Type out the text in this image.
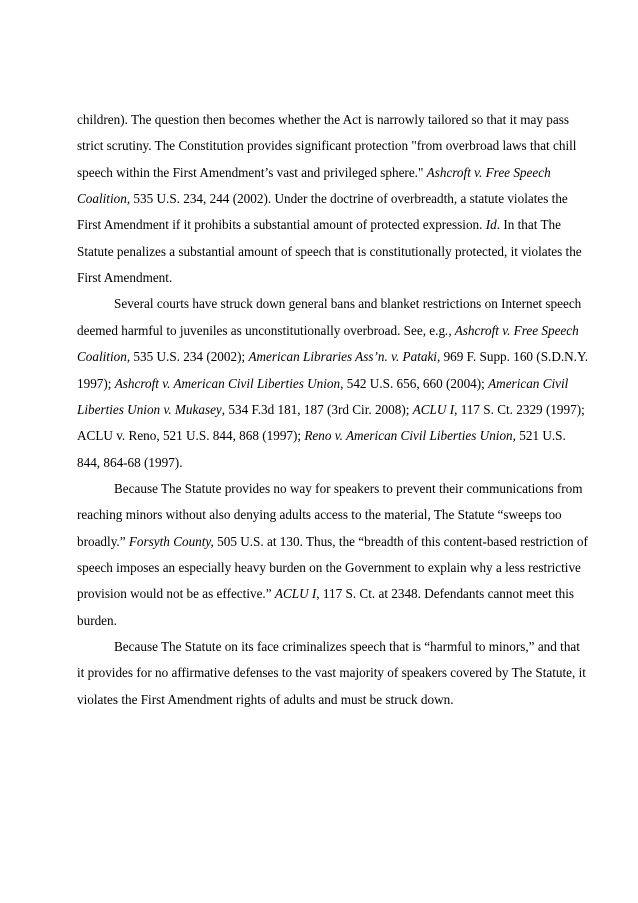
children). The question then becomes whether the Act is narrowly tailored so that it may pass
strict scrutiny. The Constitution provides significant protection "from overbroad laws that chill
speech within the First Amendment’s vast and privileged sphere." Ashcroft v. Free Speech
Coalition, 535 U.S. 234, 244 (2002). Under the doctrine of overbreadth, a statute violates the
First Amendment if it prohibits a substantial amount of protected expression. Id. In that The
Statute penalizes a substantial amount of speech that is constitutionally protected, it violates the
First Amendment.
Several courts have struck down general bans and blanket restrictions on Internet speech
deemed harmful to juveniles as unconstitutionally overbroad. See, e.g., Ashcroft v. Free Speech
Coalition, 535 U.S. 234 (2002); American Libraries Ass’n. v. Pataki, 969 F. Supp. 160 (S.D.N.Y.
1997); Ashcroft v. American Civil Liberties Union, 542 U.S. 656, 660 (2004); American Civil
Liberties Union v. Mukasey, 534 F.3d 181, 187 (3rd Cir. 2008); ACLU I, 117 S. Ct. 2329 (1997);
ACLU v. Reno, 521 U.S. 844, 868 (1997); Reno v. American Civil Liberties Union, 521 U.S.
844, 864-68 (1997).
Because The Statute provides no way for speakers to prevent their communications from
reaching minors without also denying adults access to the material, The Statute “sweeps too
broadly.” Forsyth County, 505 U.S. at 130. Thus, the “breadth of this content-based restriction of
speech imposes an especially heavy burden on the Government to explain why a less restrictive
provision would not be as effective.” ACLU I, 117 S. Ct. at 2348. Defendants cannot meet this
burden.
Because The Statute on its face criminalizes speech that is “harmful to minors,” and that
it provides for no affirmative defenses to the vast majority of speakers covered by The Statute, it
violates the First Amendment rights of adults and must be struck down.
